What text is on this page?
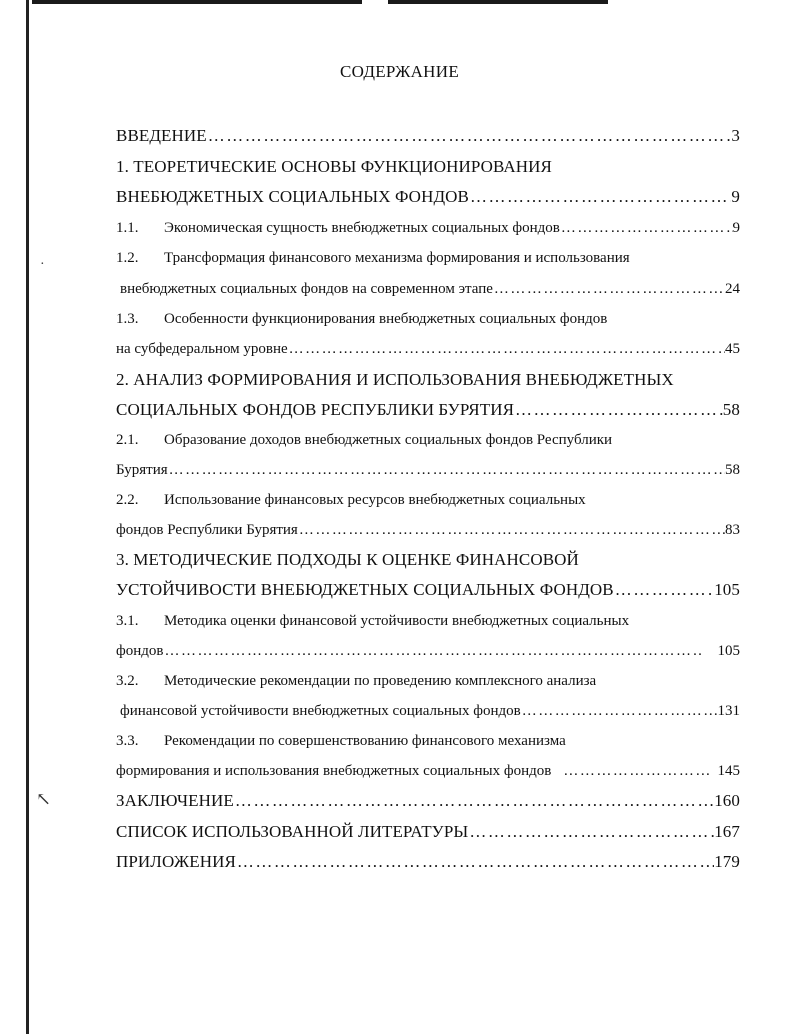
·
↖
СОДЕРЖАНИЕ
ВВЕДЕНИЕ …………………………………………………………………………………………………………………………………………………………………………	3
1. ТЕОРЕТИЧЕСКИЕ ОСНОВЫ ФУНКЦИОНИРОВАНИЯ
ВНЕБЮДЖЕТНЫХ СОЦИАЛЬНЫХ ФОНДОВ …………………………………………………………………………………………………………………………………………………………………………	9
1.1.	Экономическая сущность внебюджетных социальных фондов …………………………………………………………………………………………………………………………………………………………………………	9
1.2.	Трансформация финансового механизма формирования и использования
внебюджетных социальных фондов на современном этапе …………………………………………………………………………………………………………………………………………………………………………	24
1.3.	Особенности функционирования внебюджетных социальных фондов
на субфедеральном уровне …………………………………………………………………………………………………………………………………………………………………………	45
2. АНАЛИЗ ФОРМИРОВАНИЯ И ИСПОЛЬЗОВАНИЯ ВНЕБЮДЖЕТНЫХ
СОЦИАЛЬНЫХ ФОНДОВ РЕСПУБЛИКИ БУРЯТИЯ …………………………………………………………………………………………………………………………………………………………………………	58
2.1.	Образование доходов внебюджетных социальных фондов Республики
Бурятия …………………………………………………………………………………………………………………………………………………………………………	58
2.2.	Использование финансовых ресурсов внебюджетных социальных
фондов Республики Бурятия …………………………………………………………………………………………………………………………………………………………………………	83
3. МЕТОДИЧЕСКИЕ ПОДХОДЫ К ОЦЕНКЕ ФИНАНСОВОЙ
УСТОЙЧИВОСТИ ВНЕБЮДЖЕТНЫХ СОЦИАЛЬНЫХ ФОНДОВ …………………………………………………………………………………………………………………………………………………………………………	105
3.1.	Методика оценки финансовой устойчивости внебюджетных социальных
фондов …………………………………………………………………………………………………………………………………………………………………………	105
3.2.	Методические рекомендации по проведению комплексного анализа
финансовой устойчивости внебюджетных социальных фондов …………………………………………………………………………………………………………………………………………………………………………	131
3.3.	Рекомендации по совершенствованию финансового механизма
формирования и использования внебюджетных социальных фондов …………………………………………………………………………………………………………………………………………………………………………	145
ЗАКЛЮЧЕНИЕ …………………………………………………………………………………………………………………………………………………………………………	160
СПИСОК ИСПОЛЬЗОВАННОЙ ЛИТЕРАТУРЫ …………………………………………………………………………………………………………………………………………………………………………	167
ПРИЛОЖЕНИЯ …………………………………………………………………………………………………………………………………………………………………………	179
